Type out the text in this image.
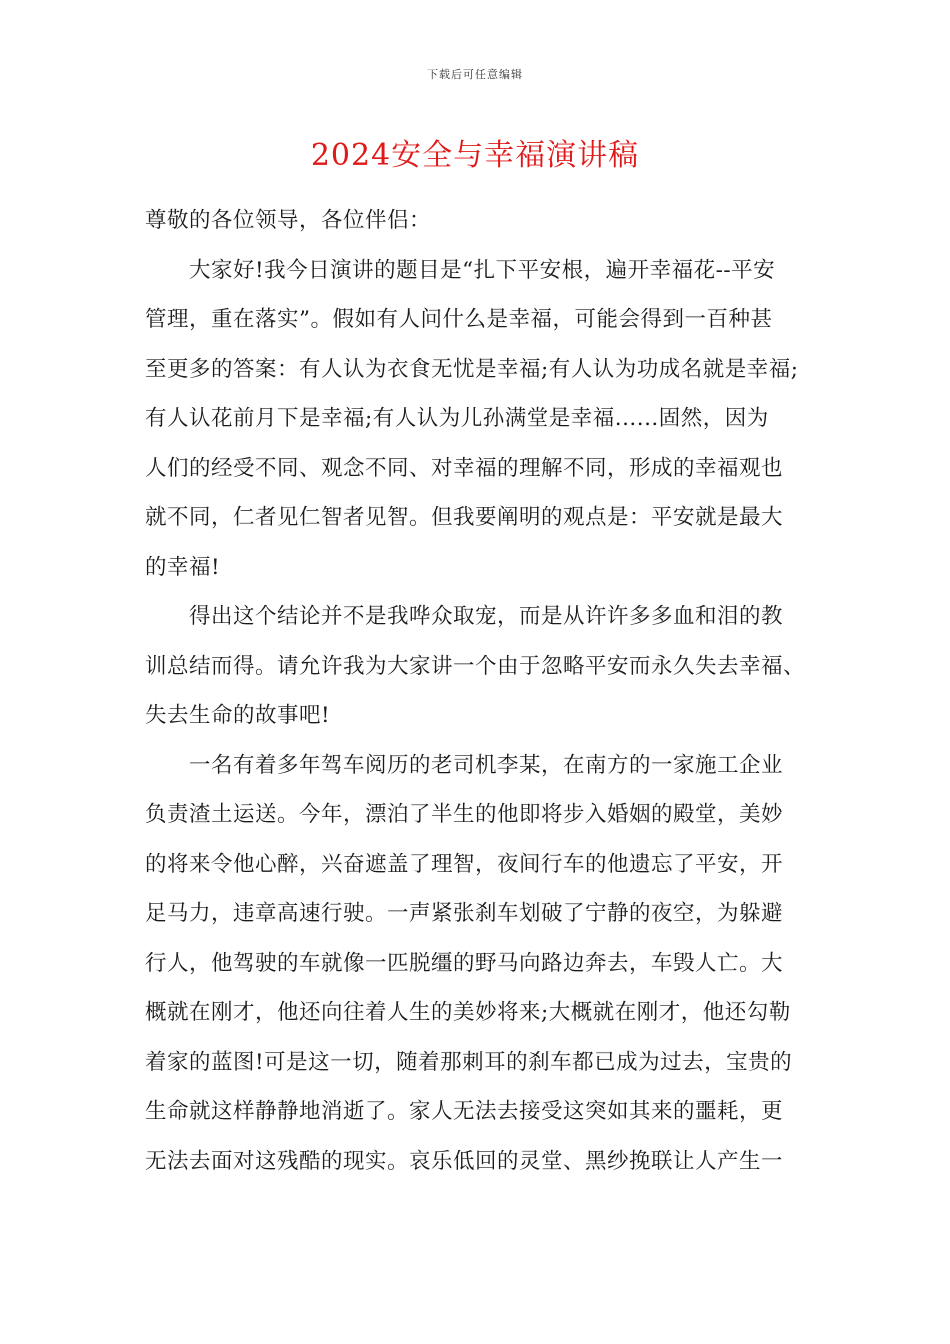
下载后可任意编辑
2024安全与幸福演讲稿
尊敬的各位领导，各位伴侣：
大家好!我今日演讲的题目是“扎下平安根，遍开幸福花--平安
管理，重在落实”。假如有人问什么是幸福，可能会得到一百种甚
至更多的答案：有人认为衣食无忧是幸福;有人认为功成名就是幸福;
有人认花前月下是幸福;有人认为儿孙满堂是幸福......固然，因为
人们的经受不同、观念不同、对幸福的理解不同，形成的幸福观也
就不同，仁者见仁智者见智。但我要阐明的观点是：平安就是最大
的幸福!
得出这个结论并不是我哗众取宠，而是从许许多多血和泪的教
训总结而得。请允许我为大家讲一个由于忽略平安而永久失去幸福、
失去生命的故事吧!
一名有着多年驾车阅历的老司机李某，在南方的一家施工企业
负责渣土运送。今年，漂泊了半生的他即将步入婚姻的殿堂，美妙
的将来令他心醉，兴奋遮盖了理智，夜间行车的他遗忘了平安，开
足马力，违章高速行驶。一声紧张刹车划破了宁静的夜空，为躲避
行人，他驾驶的车就像一匹脱缰的野马向路边奔去，车毁人亡。大
概就在刚才，他还向往着人生的美妙将来;大概就在刚才，他还勾勒
着家的蓝图!可是这一切，随着那刺耳的刹车都已成为过去，宝贵的
生命就这样静静地消逝了。家人无法去接受这突如其来的噩耗，更
无法去面对这残酷的现实。哀乐低回的灵堂、黑纱挽联让人产生一
